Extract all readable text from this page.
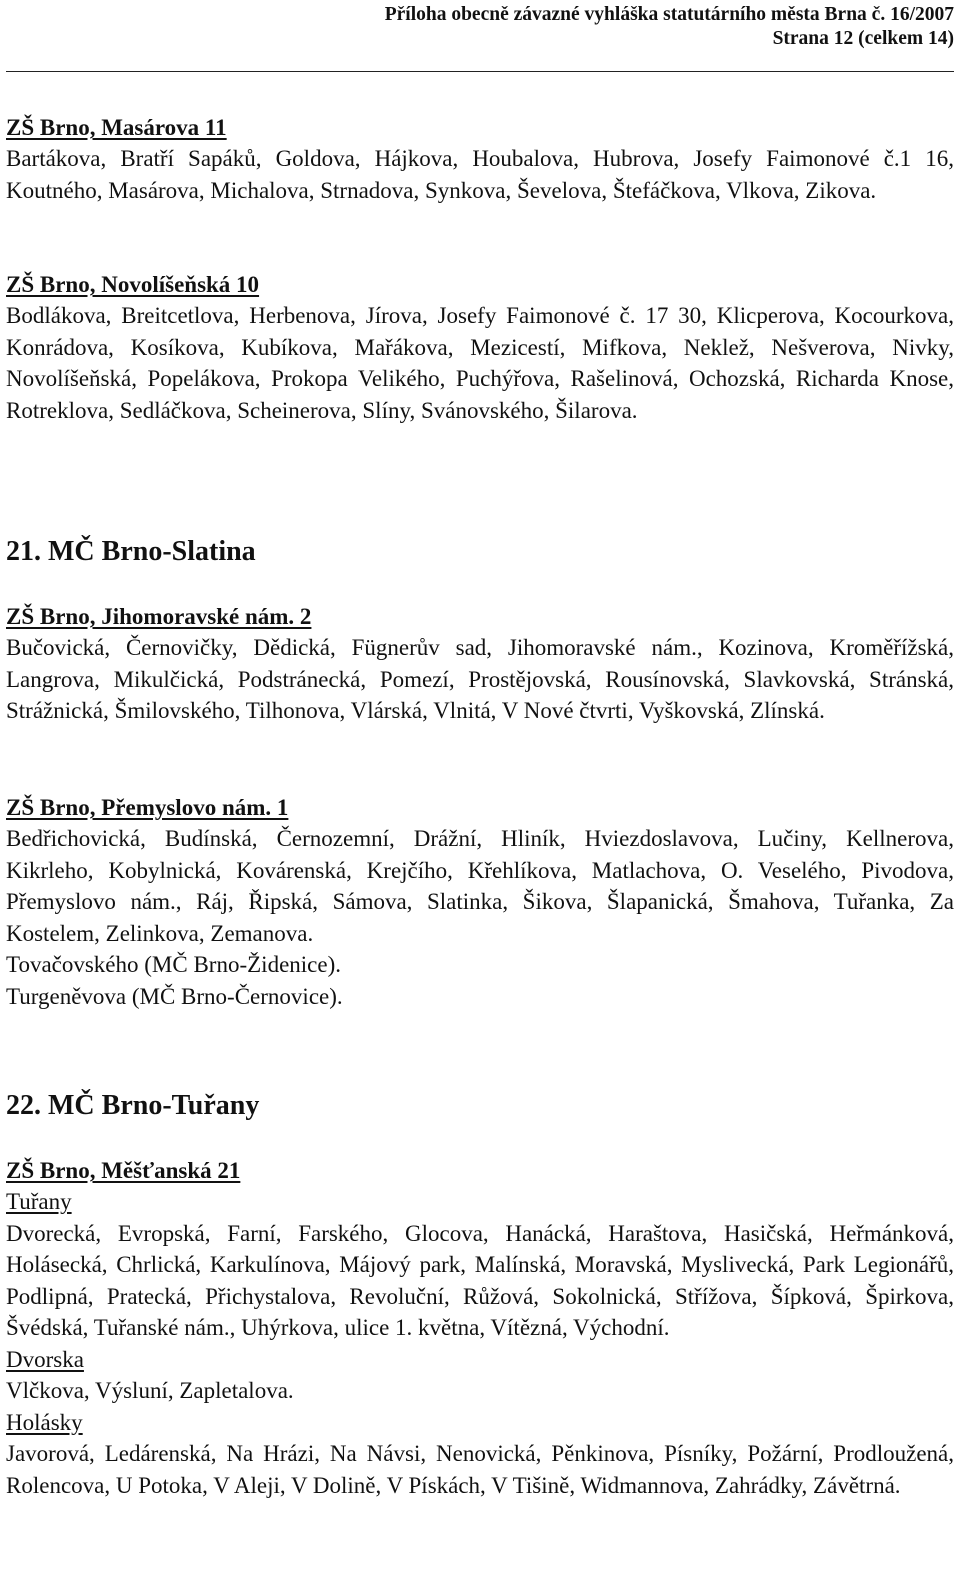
Příloha obecně závazné vyhláška statutárního města Brna č. 16/2007
Strana 12 (celkem 14)

ZŠ Brno, Masárova 11

Bartákova, Bratří Sapáků, Goldova, Hájkova, Houbalova, Hubrova, Josefy Faimonové č.1 16, Koutného, Masárova, Michalova, Strnadova, Synkova, Ševelova, Štefáčkova, Vlkova, Zikova.

ZŠ Brno, Novolíšeňská 10

Bodlákova, Breitcetlova, Herbenova, Jírova, Josefy Faimonové č. 17 30, Klicperova, Kocourkova, Konrádova, Kosíkova, Kubíkova, Mařákova, Mezicestí, Mifkova, Neklež, Nešverova, Nivky, Novolíšeňská, Popelákova, Prokopa Velikého, Puchýřova, Rašelinová, Ochozská, Richarda Knose, Rotreklova, Sedláčkova, Scheinerova, Slíny, Svánovského, Šilarova.

21. MČ Brno-Slatina

ZŠ Brno, Jihomoravské nám. 2

Bučovická, Černovičky, Dědická, Fügnerův sad, Jihomoravské nám., Kozinova, Kroměřížská, Langrova, Mikulčická, Podstránecká, Pomezí, Prostějovská, Rousínovská, Slavkovská, Stránská, Strážnická, Šmilovského, Tilhonova, Vlárská, Vlnitá, V Nové čtvrti, Vyškovská, Zlínská.

ZŠ Brno, Přemyslovo nám. 1

Bedřichovická, Budínská, Černozemní, Drážní, Hliník, Hviezdoslavova, Lučiny, Kellnerova, Kikrleho, Kobylnická, Kovárenská, Krejčího, Křehlíkova, Matlachova, O. Veselého, Pivodova, Přemyslovo nám., Ráj, Řipská, Sámova, Slatinka, Šikova, Šlapanická, Šmahova, Tuřanka, Za Kostelem, Zelinkova, Zemanova.

Tovačovského (MČ Brno-Židenice).

Turgeněvova (MČ Brno-Černovice).

22. MČ Brno-Tuřany

ZŠ Brno, Měšťanská 21

Tuřany

Dvorecká, Evropská, Farní, Farského, Glocova, Hanácká, Haraštova, Hasičská, Heřmánková, Holásecká, Chrlická, Karkulínova, Májový park, Malínská, Moravská, Myslivecká, Park Legionářů, Podlipná, Pratecká, Přichystalova, Revoluční, Růžová, Sokolnická, Střížova, Šípková, Špirkova, Švédská, Tuřanské nám., Uhýrkova, ulice 1. května, Vítězná, Východní.

Dvorska

Vlčkova, Výsluní, Zapletalova.

Holásky

Javorová, Ledárenská, Na Hrázi, Na Návsi, Nenovická, Pěnkinova, Písníky, Požární, Prodloužená, Rolencova, U Potoka, V Aleji, V Dolině, V Pískách, V Tišině, Widmannova, Zahrádky, Závětrná.
